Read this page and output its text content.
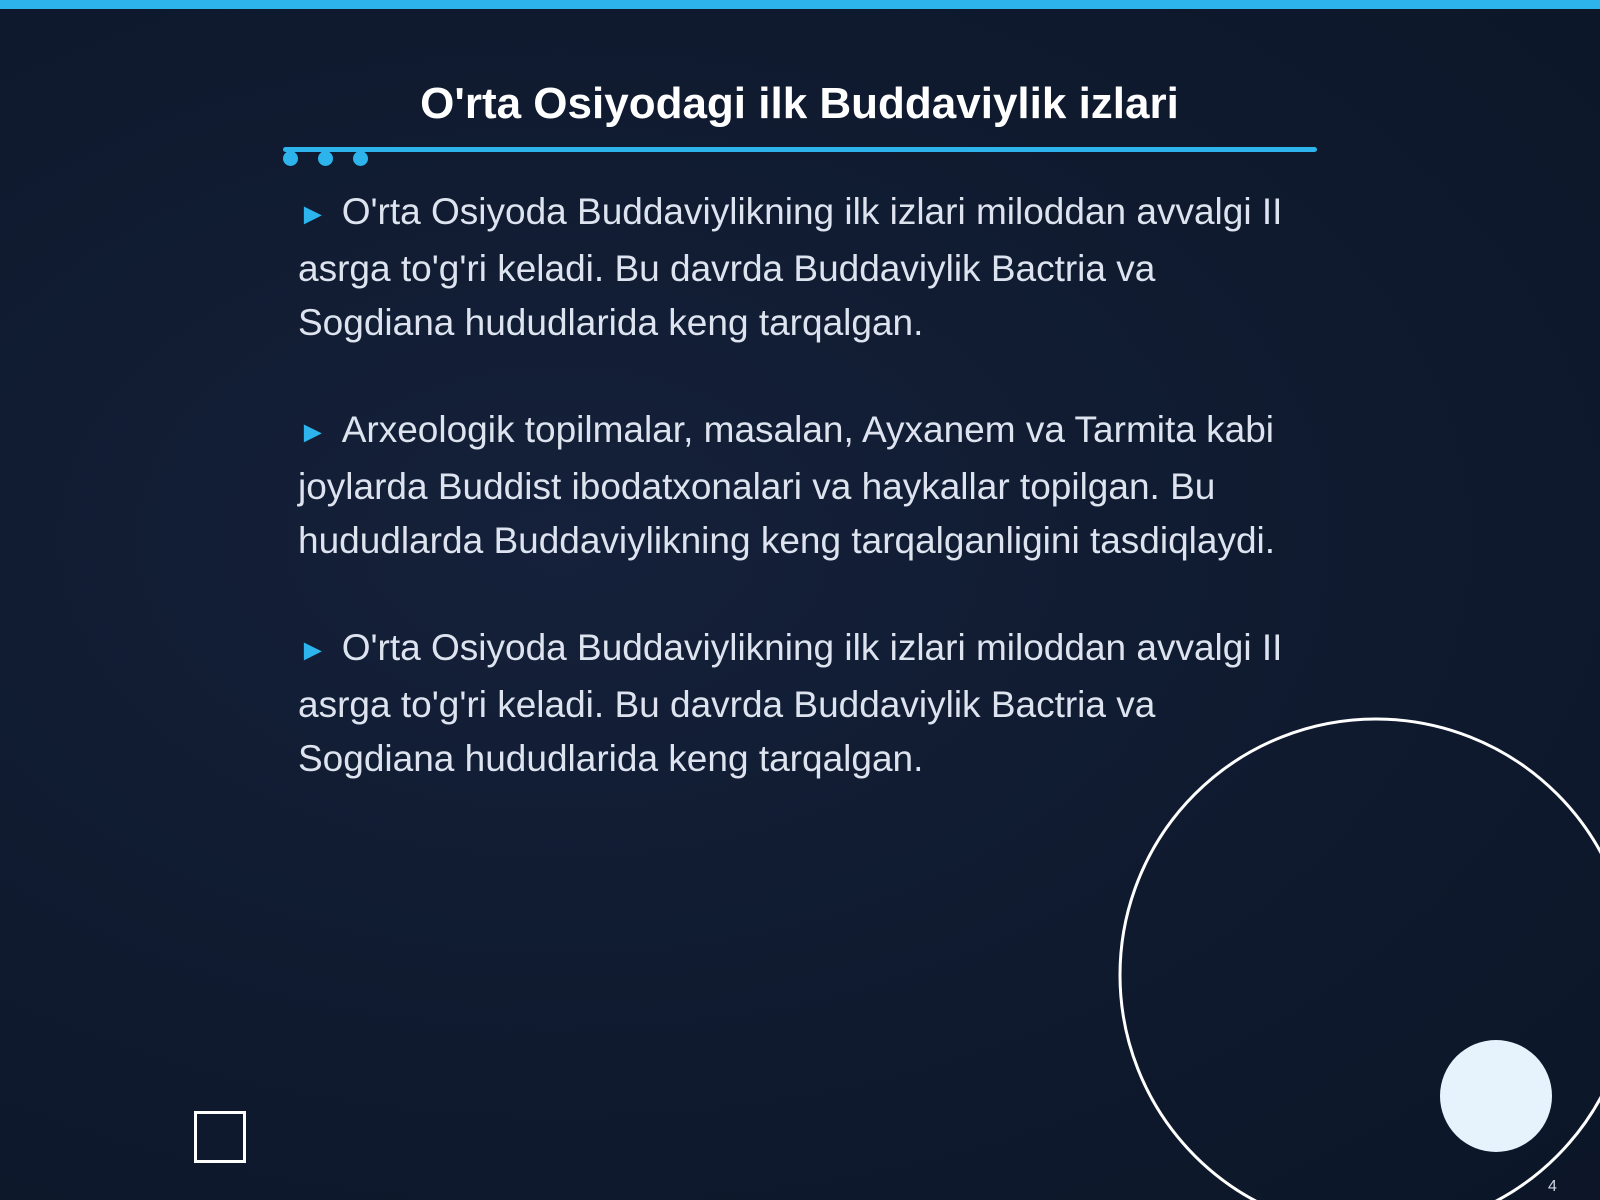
O'rta Osiyodagi ilk Buddaviylik izlari

► O'rta Osiyoda Buddaviylikning ilk izlari miloddan avvalgi II asrga to'g'ri keladi. Bu davrda Buddaviylik Bactria va Sogdiana hududlarida keng tarqalgan.

► Arxeologik topilmalar, masalan, Ayxanem va Tarmita kabi joylarda Buddist ibodatxonalari va haykallar topilgan. Bu hududlarda Buddaviylikning keng tarqalganligini tasdiqlaydi.

► O'rta Osiyoda Buddaviylikning ilk izlari miloddan avvalgi II asrga to'g'ri keladi. Bu davrda Buddaviylik Bactria va Sogdiana hududlarida keng tarqalgan.

4
